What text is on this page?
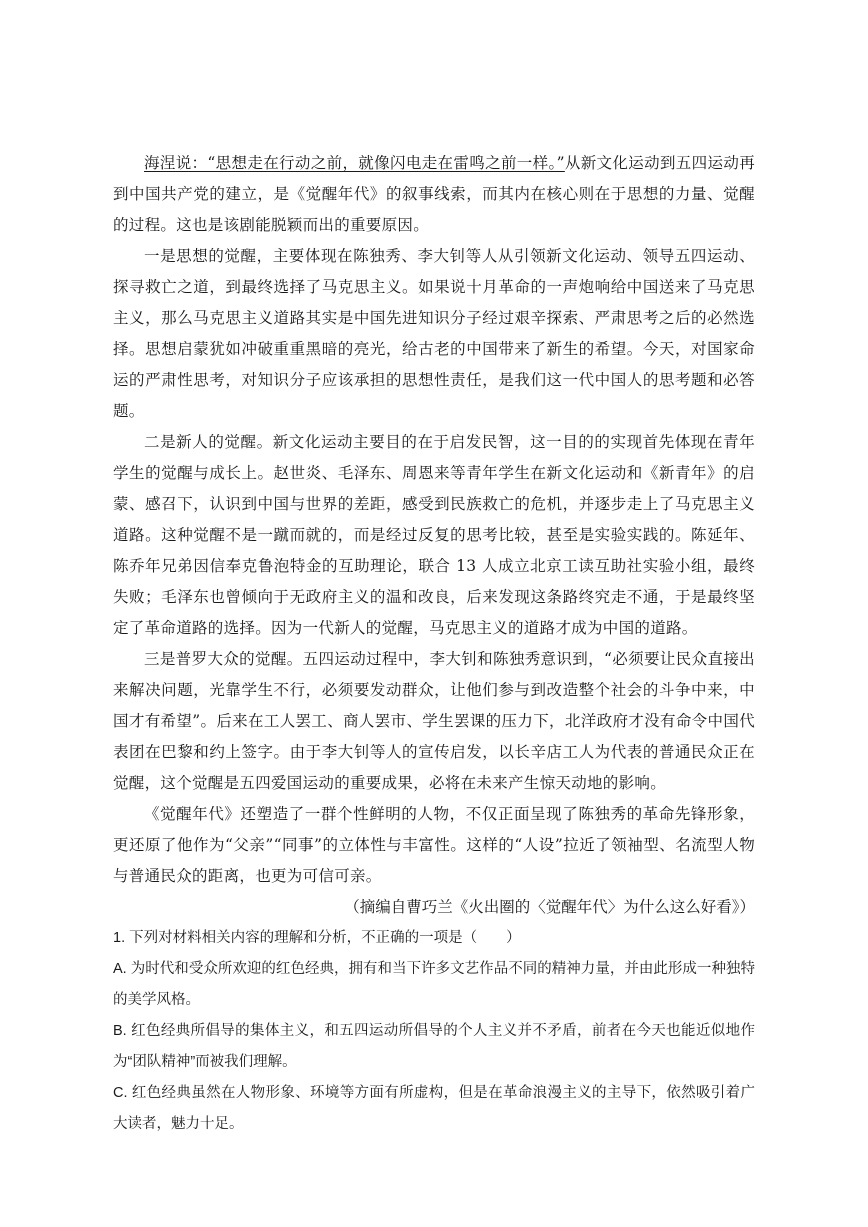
海涅说：“思想走在行动之前，就像闪电走在雷鸣之前一样。”从新文化运动到五四运动再到中国共产党的建立，是《觉醒年代》的叙事线索，而其内在核心则在于思想的力量、觉醒的过程。这也是该剧能脱颖而出的重要原因。

一是思想的觉醒，主要体现在陈独秀、李大钊等人从引领新文化运动、领导五四运动、探寻救亡之道，到最终选择了马克思主义。如果说十月革命的一声炮响给中国送来了马克思主义，那么马克思主义道路其实是中国先进知识分子经过艰辛探索、严肃思考之后的必然选择。思想启蒙犹如冲破重重黑暗的亮光，给古老的中国带来了新生的希望。今天，对国家命运的严肃性思考，对知识分子应该承担的思想性责任，是我们这一代中国人的思考题和必答题。

二是新人的觉醒。新文化运动主要目的在于启发民智，这一目的的实现首先体现在青年学生的觉醒与成长上。赵世炎、毛泽东、周恩来等青年学生在新文化运动和《新青年》的启蒙、感召下，认识到中国与世界的差距，感受到民族救亡的危机，并逐步走上了马克思主义道路。这种觉醒不是一蹴而就的，而是经过反复的思考比较，甚至是实验实践的。陈延年、陈乔年兄弟因信奉克鲁泡特金的互助理论，联合 13 人成立北京工读互助社实验小组，最终失败；毛泽东也曾倾向于无政府主义的温和改良，后来发现这条路终究走不通，于是最终坚定了革命道路的选择。因为一代新人的觉醒，马克思主义的道路才成为中国的道路。

三是普罗大众的觉醒。五四运动过程中，李大钊和陈独秀意识到，“必须要让民众直接出来解决问题，光靠学生不行，必须要发动群众，让他们参与到改造整个社会的斗争中来，中国才有希望”。后来在工人罢工、商人罢市、学生罢课的压力下，北洋政府才没有命令中国代表团在巴黎和约上签字。由于李大钊等人的宣传启发，以长辛店工人为代表的普通民众正在觉醒，这个觉醒是五四爱国运动的重要成果，必将在未来产生惊天动地的影响。

《觉醒年代》还塑造了一群个性鲜明的人物，不仅正面呈现了陈独秀的革命先锋形象，更还原了他作为“父亲”“同事”的立体性与丰富性。这样的“人设”拉近了领袖型、名流型人物与普通民众的距离，也更为可信可亲。

（摘编自曹巧兰《火出圈的〈觉醒年代〉为什么这么好看》）

1. 下列对材料相关内容的理解和分析，不正确的一项是（　　）

A. 为时代和受众所欢迎的红色经典，拥有和当下许多文艺作品不同的精神力量，并由此形成一种独特的美学风格。

B. 红色经典所倡导的集体主义，和五四运动所倡导的个人主义并不矛盾，前者在今天也能近似地作为“团队精神”而被我们理解。

C. 红色经典虽然在人物形象、环境等方面有所虚构，但是在革命浪漫主义的主导下，依然吸引着广大读者，魅力十足。
